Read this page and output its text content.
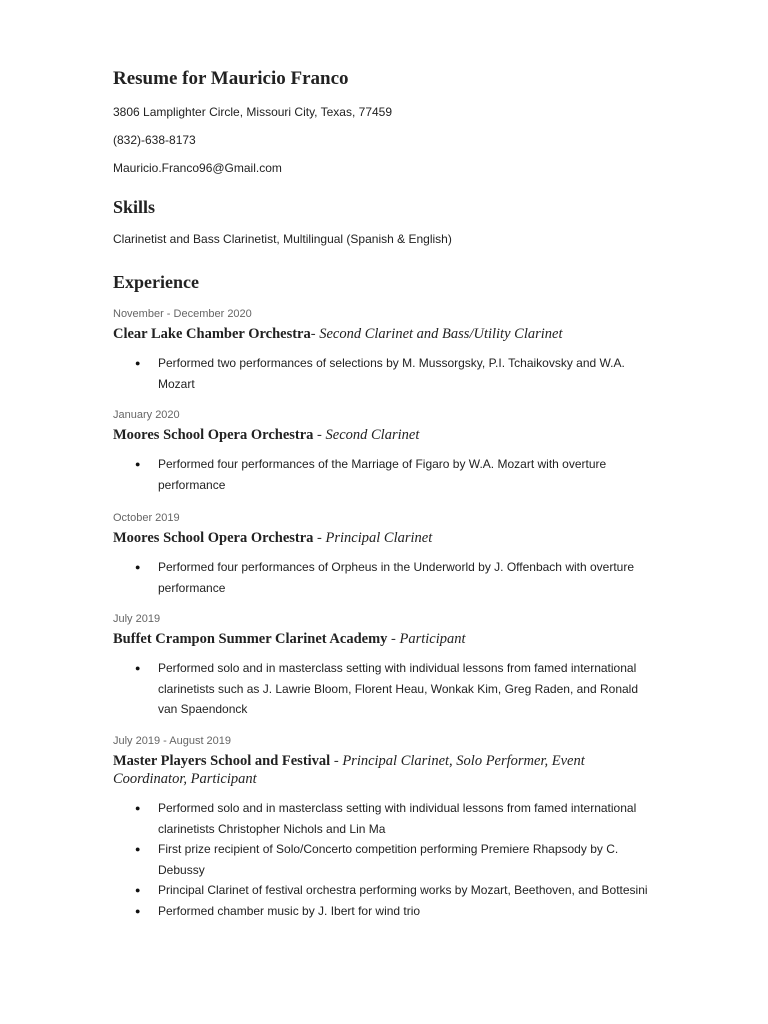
Resume for Mauricio Franco
3806 Lamplighter Circle, Missouri City, Texas, 77459
(832)-638-8173
Mauricio.Franco96@Gmail.com
Skills
Clarinetist and Bass Clarinetist, Multilingual (Spanish & English)
Experience
November - December 2020
Clear Lake Chamber Orchestra- Second Clarinet and Bass/Utility Clarinet
● Performed two performances of selections by M. Mussorgsky, P.I. Tchaikovsky and W.A. Mozart
January 2020
Moores School Opera Orchestra - Second Clarinet
● Performed four performances of the Marriage of Figaro by W.A. Mozart with overture performance
October 2019
Moores School Opera Orchestra - Principal Clarinet
● Performed four performances of Orpheus in the Underworld by J. Offenbach with overture performance
July 2019
Buffet Crampon Summer Clarinet Academy - Participant
● Performed solo and in masterclass setting with individual lessons from famed international clarinetists such as J. Lawrie Bloom, Florent Heau, Wonkak Kim, Greg Raden, and Ronald van Spaendonck
July 2019 - August 2019
Master Players School and Festival - Principal Clarinet, Solo Performer, Event Coordinator, Participant
● Performed solo and in masterclass setting with individual lessons from famed international clarinetists Christopher Nichols and Lin Ma
● First prize recipient of Solo/Concerto competition performing Premiere Rhapsody by C. Debussy
● Principal Clarinet of festival orchestra performing works by Mozart, Beethoven, and Bottesini
● Performed chamber music by J. Ibert for wind trio
